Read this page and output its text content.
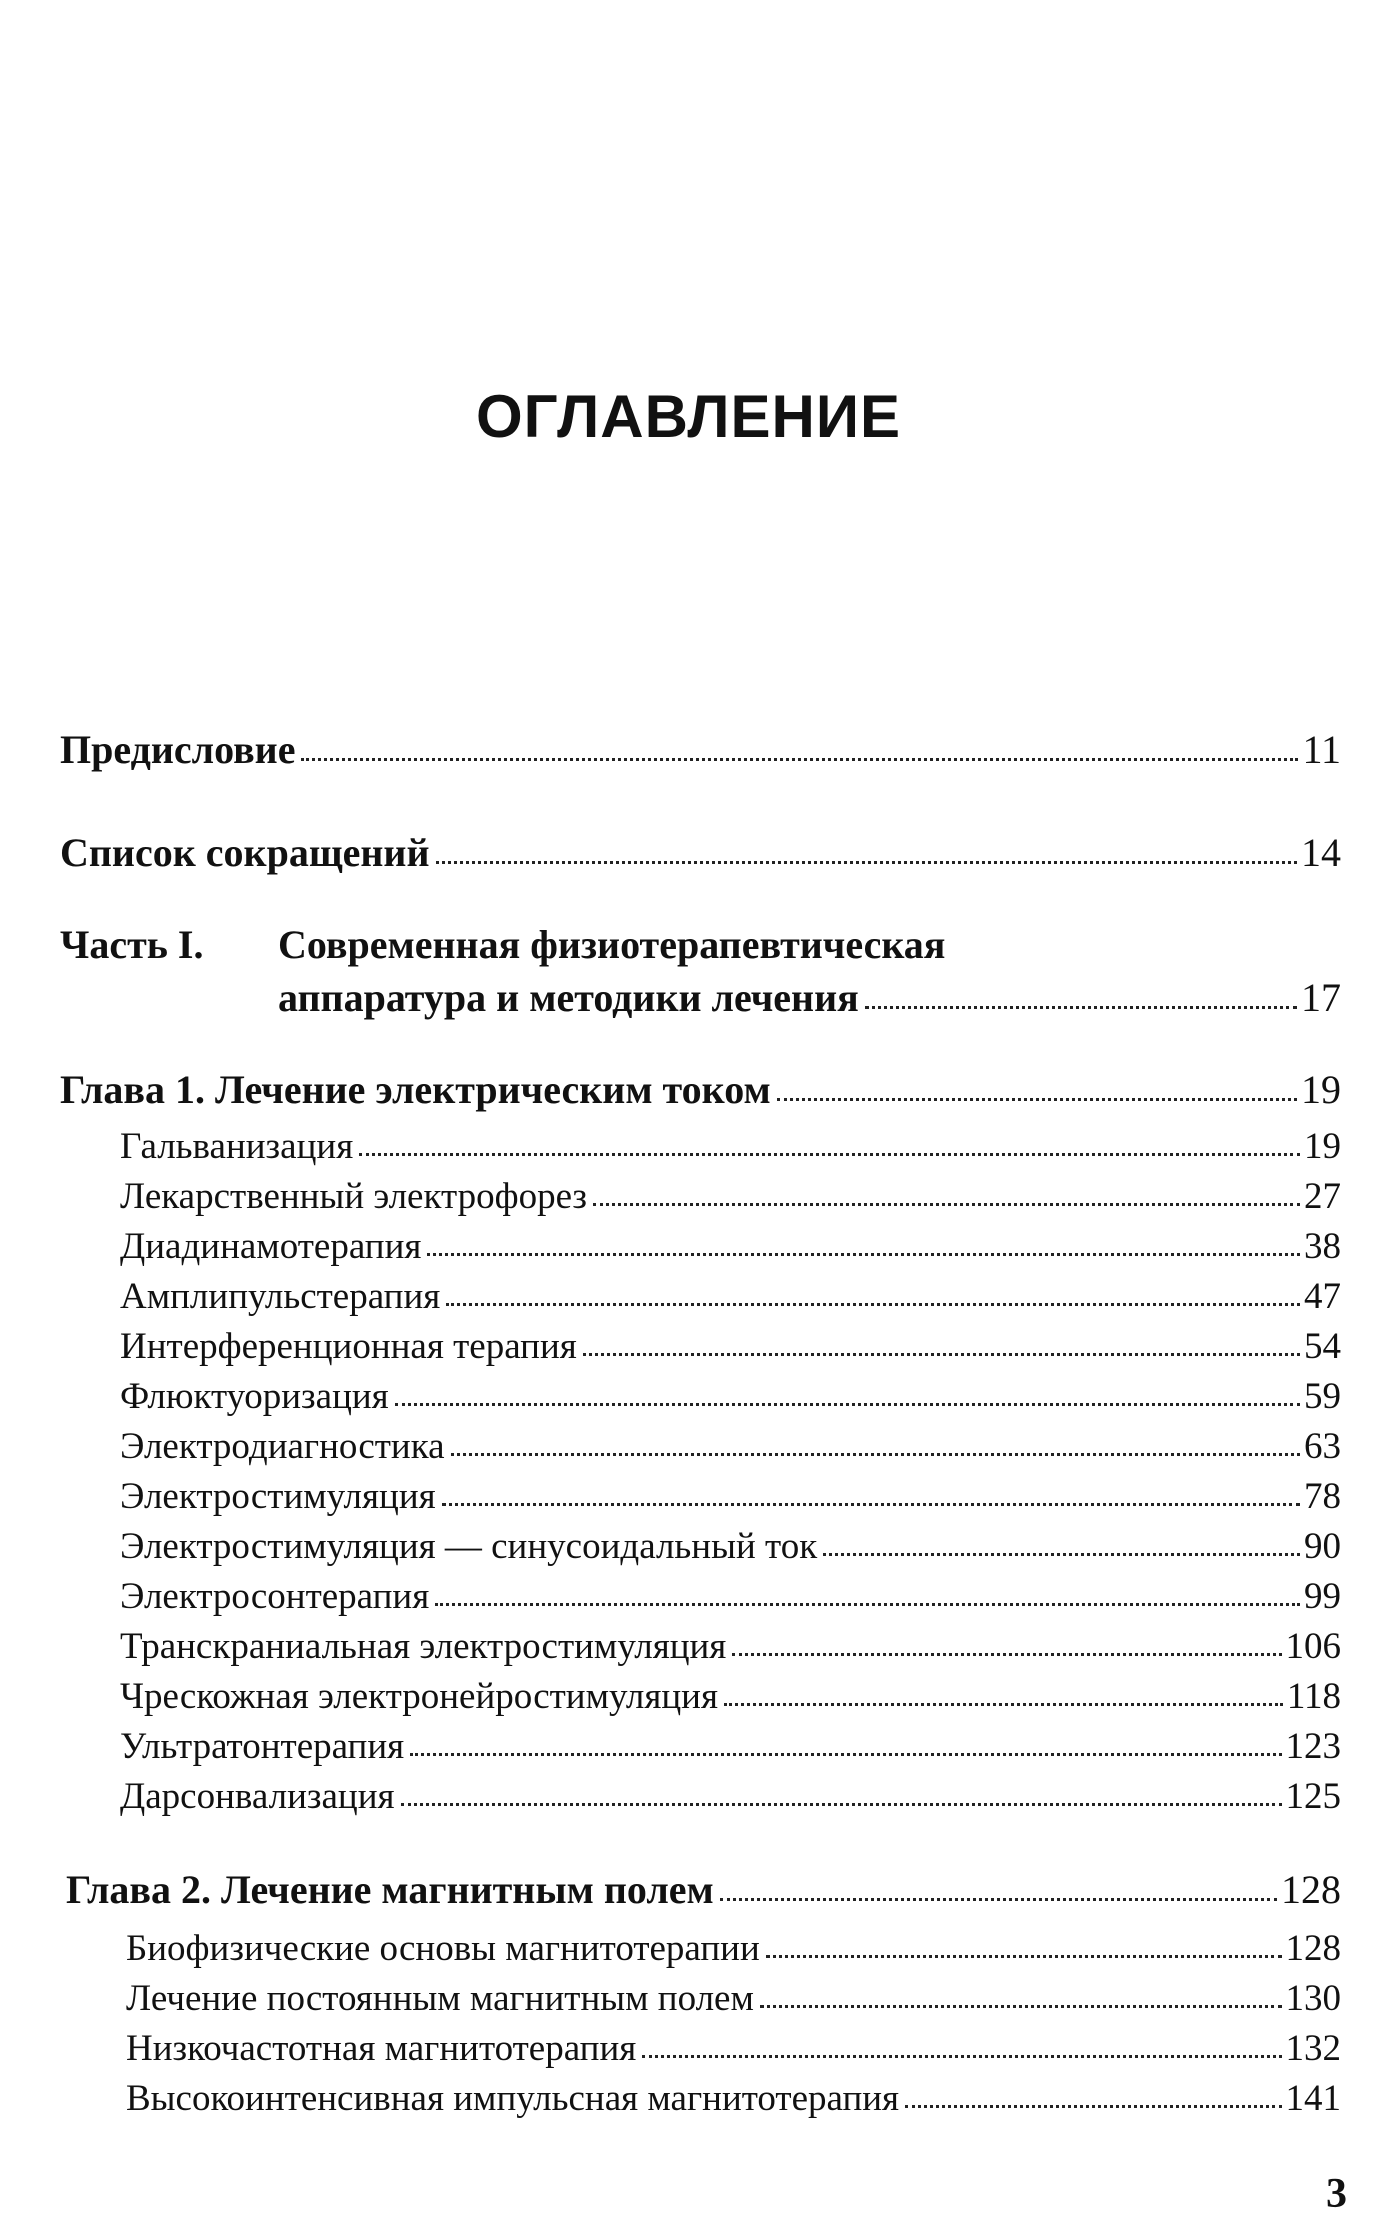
ОГЛАВЛЕНИЕ
Предисловие	11
Список сокращений	14
Часть I. Современная физиотерапевтическая
аппаратура и методики лечения	17
Глава 1. Лечение электрическим током	19
Гальванизация	19
Лекарственный электрофорез	27
Диадинамотерапия	38
Амплипульстерапия	47
Интерференционная терапия	54
Флюктуоризация	59
Электродиагностика	63
Электростимуляция	78
Электростимуляция — синусоидальный ток	90
Электросонтерапия	99
Транскраниальная электростимуляция	106
Чрескожная электронейростимуляция	118
Ультратонтерапия	123
Дарсонвализация	125
Глава 2. Лечение магнитным полем	128
Биофизические основы магнитотерапии	128
Лечение постоянным магнитным полем	130
Низкочастотная магнитотерапия	132
Высокоинтенсивная импульсная магнитотерапия	141
3
